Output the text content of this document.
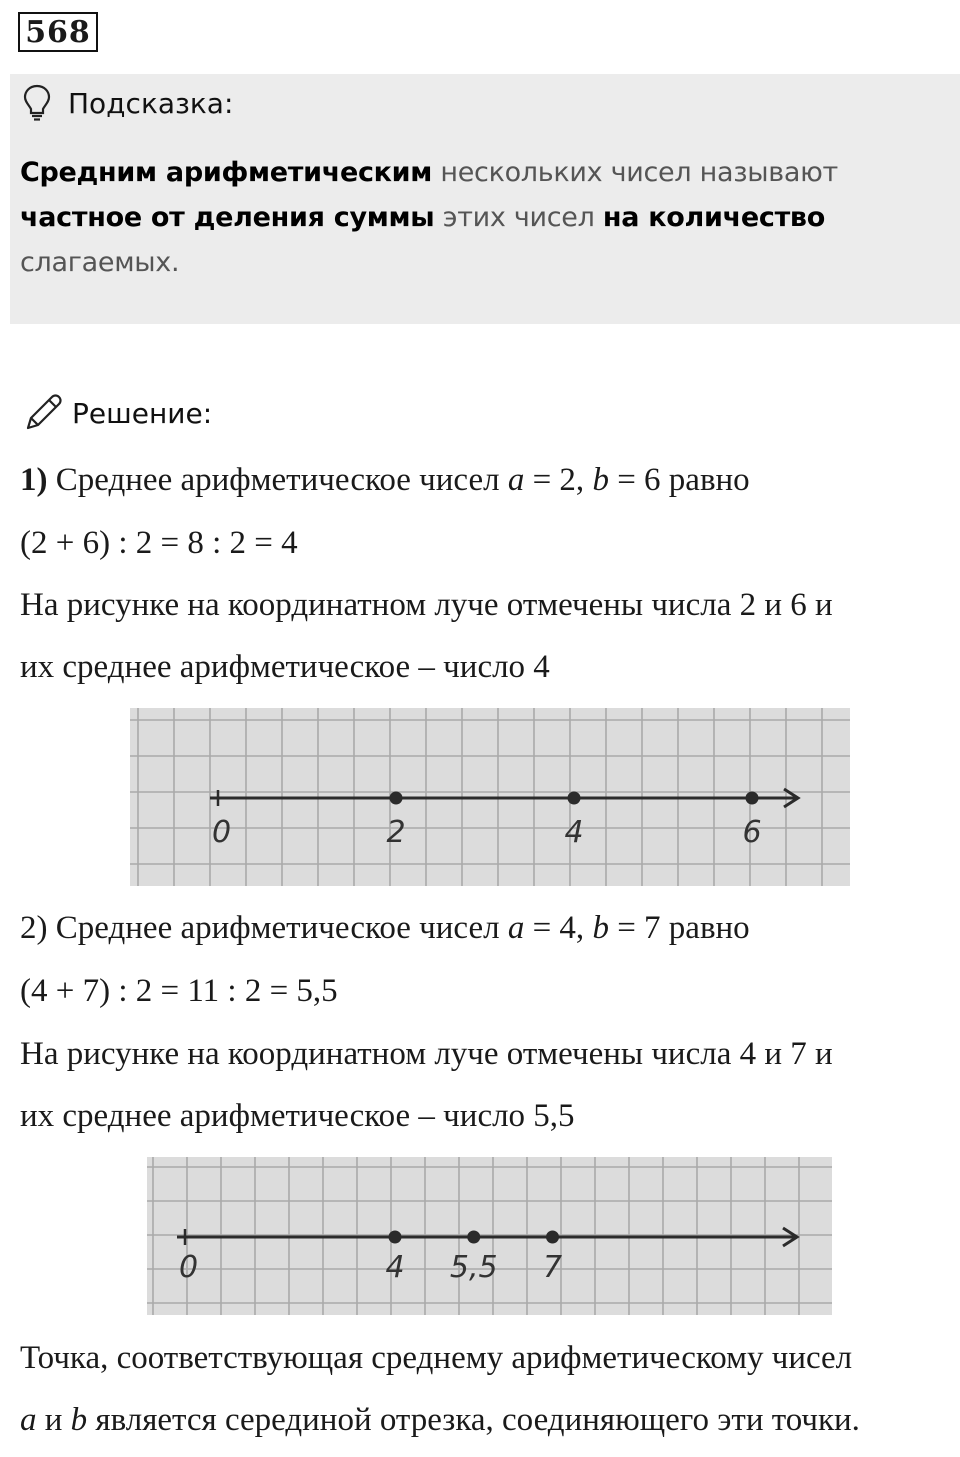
568
Подсказка:
Средним арифметическим нескольких чисел называют
частное от деления суммы этих чисел на количество
слагаемых.
Решение:
1) Среднее арифметическое чисел a = 2, b = 6 равно
(2 + 6) : 2 = 8 : 2 = 4
На рисунке на координатном луче отмечены числа 2 и 6 и
их среднее арифметическое – число 4
0	2	4	6
2) Среднее арифметическое чисел a = 4, b = 7 равно
(4 + 7) : 2 = 11 : 2 = 5,5
На рисунке на координатном луче отмечены числа 4 и 7 и
их среднее арифметическое – число 5,5
0	4 5,5 7
Точка, соответствующая среднему арифметическому чисел
a и b является серединой отрезка, соединяющего эти точки.
